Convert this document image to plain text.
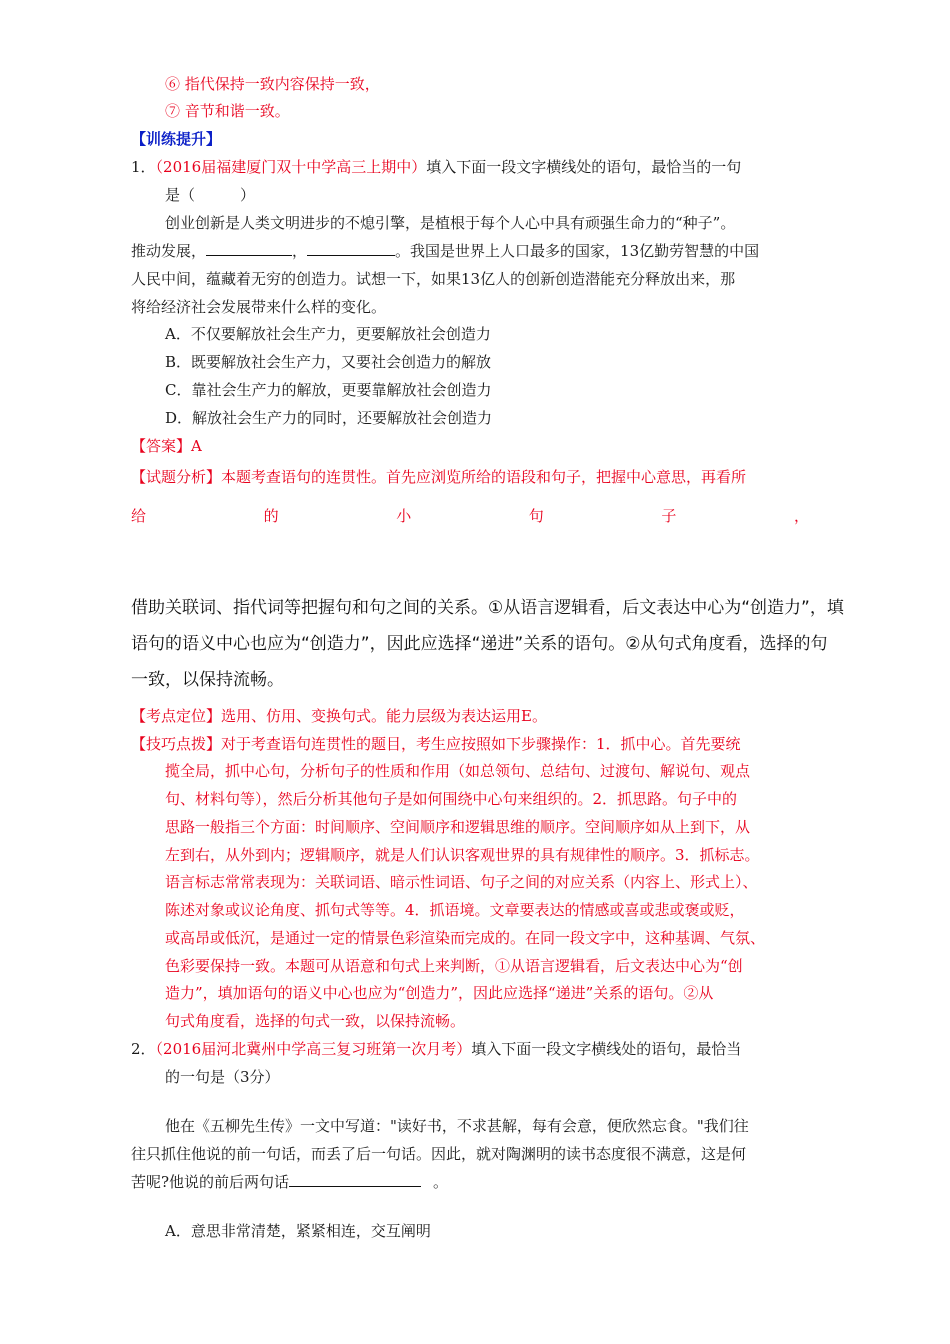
⑥ 指代保持一致内容保持一致，
⑦ 音节和谐一致。
【训练提升】
1．（2016届福建厦门双十中学高三上期中）填入下面一段文字横线处的语句，最恰当的一句
是（　　　）
创业创新是人类文明进步的不熄引擎，是植根于每个人心中具有顽强生命力的“种子”。
推动发展，	，	。我国是世界上人口最多的国家，13亿勤劳智慧的中国
人民中间，蕴藏着无穷的创造力。试想一下，如果13亿人的创新创造潜能充分释放出来，那
将给经济社会发展带来什么样的变化。
A．不仅要解放社会生产力，更要解放社会创造力
B．既要解放社会生产力，又要社会创造力的解放
C．靠社会生产力的解放，更要靠解放社会创造力
D．解放社会生产力的同时，还要解放社会创造力
【答案】A
【试题分析】本题考查语句的连贯性。首先应浏览所给的语段和句子，把握中心意思，再看所
给	的	小	句	子	，
借助关联词、指代词等把握句和句之间的关系。①从语言逻辑看，后文表达中心为“创造力”，填
语句的语义中心也应为“创造力”，因此应选择“递进”关系的语句。②从句式角度看，选择的句
一致，以保持流畅。
【考点定位】选用、仿用、变换句式。能力层级为表达运用E。
【技巧点拨】对于考查语句连贯性的题目，考生应按照如下步骤操作：1．抓中心。首先要统
揽全局，抓中心句，分析句子的性质和作用（如总领句、总结句、过渡句、解说句、观点
句、材料句等），然后分析其他句子是如何围绕中心句来组织的。2．抓思路。句子中的
思路一般指三个方面：时间顺序、空间顺序和逻辑思维的顺序。空间顺序如从上到下，从
左到右，从外到内；逻辑顺序，就是人们认识客观世界的具有规律性的顺序。3．抓标志。
语言标志常常表现为：关联词语、暗示性词语、句子之间的对应关系（内容上、形式上）、
陈述对象或议论角度、抓句式等等。4．抓语境。文章要表达的情感或喜或悲或褒或贬，
或高昂或低沉，是通过一定的情景色彩渲染而完成的。在同一段文字中，这种基调、气氛、
色彩要保持一致。本题可从语意和句式上来判断，①从语言逻辑看，后文表达中心为“创
造力”，填加语句的语义中心也应为“创造力”，因此应选择“递进”关系的语句。②从
句式角度看，选择的句式一致，以保持流畅。
2．（2016届河北冀州中学高三复习班第一次月考）填入下面一段文字横线处的语句，最恰当
的一句是（3分）
他在《五柳先生传》一文中写道："读好书，不求甚解，每有会意，便欣然忘食。"我们往
往只抓住他说的前一句话，而丢了后一句话。因此，就对陶渊明的读书态度很不满意，这是何
苦呢?他说的前后两句话	。
A．意思非常清楚，紧紧相连，交互阐明
